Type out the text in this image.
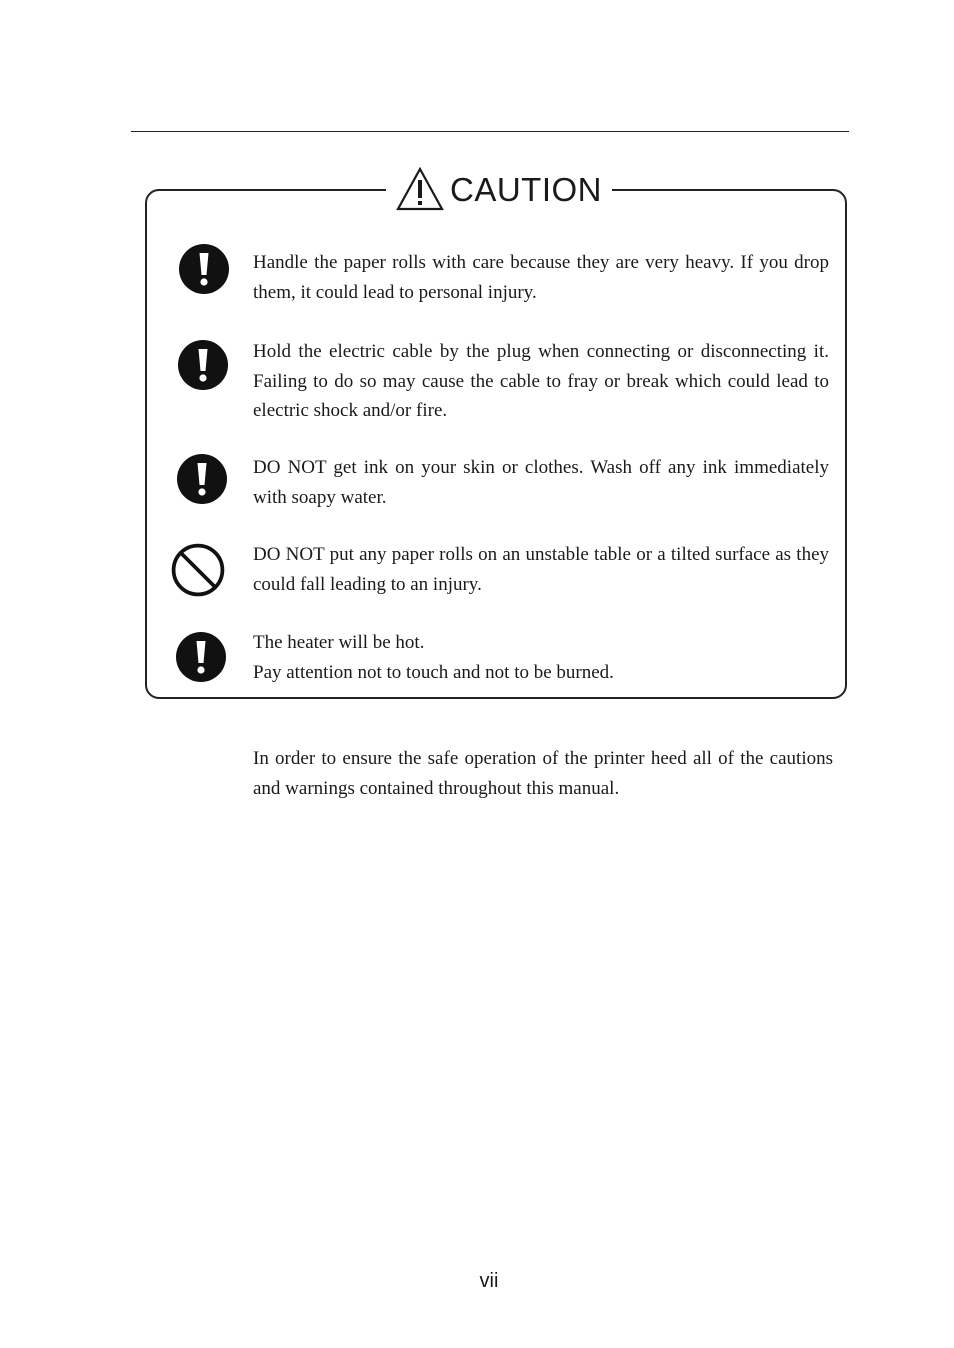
CAUTION
Handle the paper rolls with care because they are very heavy. If you drop them, it could lead to personal injury.
Hold the electric cable by the plug when connecting or disconnecting it. Failing to do so may cause the cable to fray or break which could lead to electric shock and/or fire.
DO NOT get ink on your skin or clothes. Wash off any ink immediately with soapy water.
DO NOT put any paper rolls on an unstable table or a tilted surface as they could fall leading to an injury.
The heater will be hot.
Pay attention not to touch and not to be burned.
In order to ensure the safe operation of the printer heed all of the cautions and warnings contained throughout this manual.
vii
